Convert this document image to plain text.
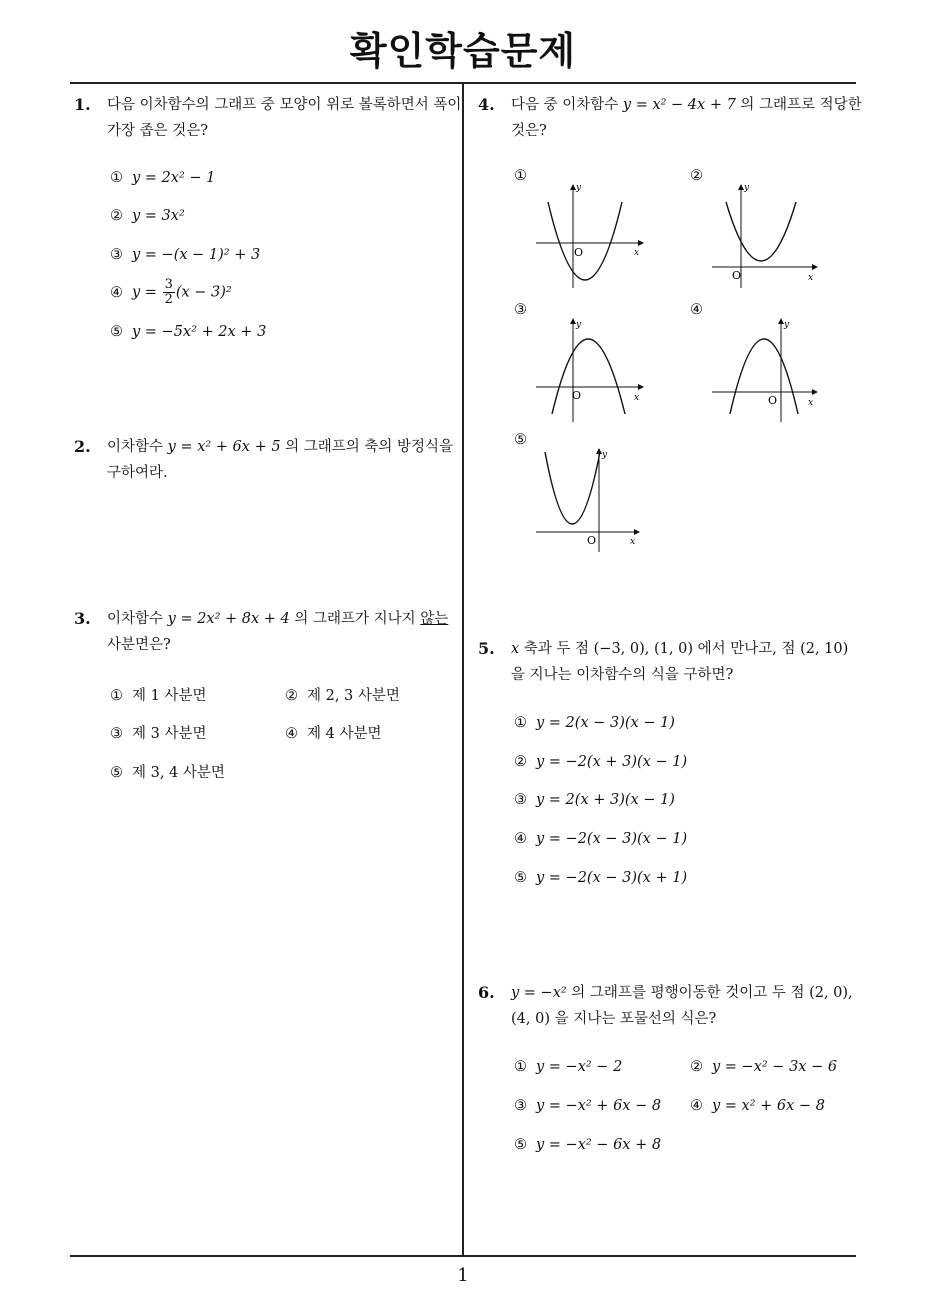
확인학습문제
1
1. 다음 이차함수의 그래프 중 모양이 위로 볼록하면서 폭이 가장 좁은 것은?
① y = 2x² − 1
② y = 3x²
③ y = −(x − 1)² + 3
④ $y = \frac{3}{2} (x - 3)^2$
⑤ y = −5x² + 2x + 3
2. 이차함수 y = x² + 6x + 5 의 그래프의 축의 방정식을 구하여라.
3. 이차함수 y = 2x² + 8x + 4 의 그래프가 지나지 않는 사분면은?
① 제 1 사분면	② 제 2, 3 사분면
③ 제 3 사분면	④ 제 4 사분면
⑤ 제 3, 4 사분면
4. 다음 중 이차함수 y = x² − 4x + 7 의 그래프로 적당한 것은?
①
y
x
O
②
y
x
O
③
y
x
O
④
y
x
O
⑤
y
x
O
5. x 축과 두 점 (−3, 0), (1, 0) 에서 만나고, 점 (2, 10) 을 지나는 이차함수의 식을 구하면?
① y = 2(x − 3)(x − 1)
② y = −2(x + 3)(x − 1)
③ y = 2(x + 3)(x − 1)
④ y = −2(x − 3)(x − 1)
⑤ y = −2(x − 3)(x + 1)
6. y = −x² 의 그래프를 평행이동한 것이고 두 점 (2, 0), (4, 0) 을 지나는 포물선의 식은?
① y = −x² − 2	② y = −x² − 3x − 6
③ y = −x² + 6x − 8 ④ y = x² + 6x − 8
⑤ y = −x² − 6x + 8
